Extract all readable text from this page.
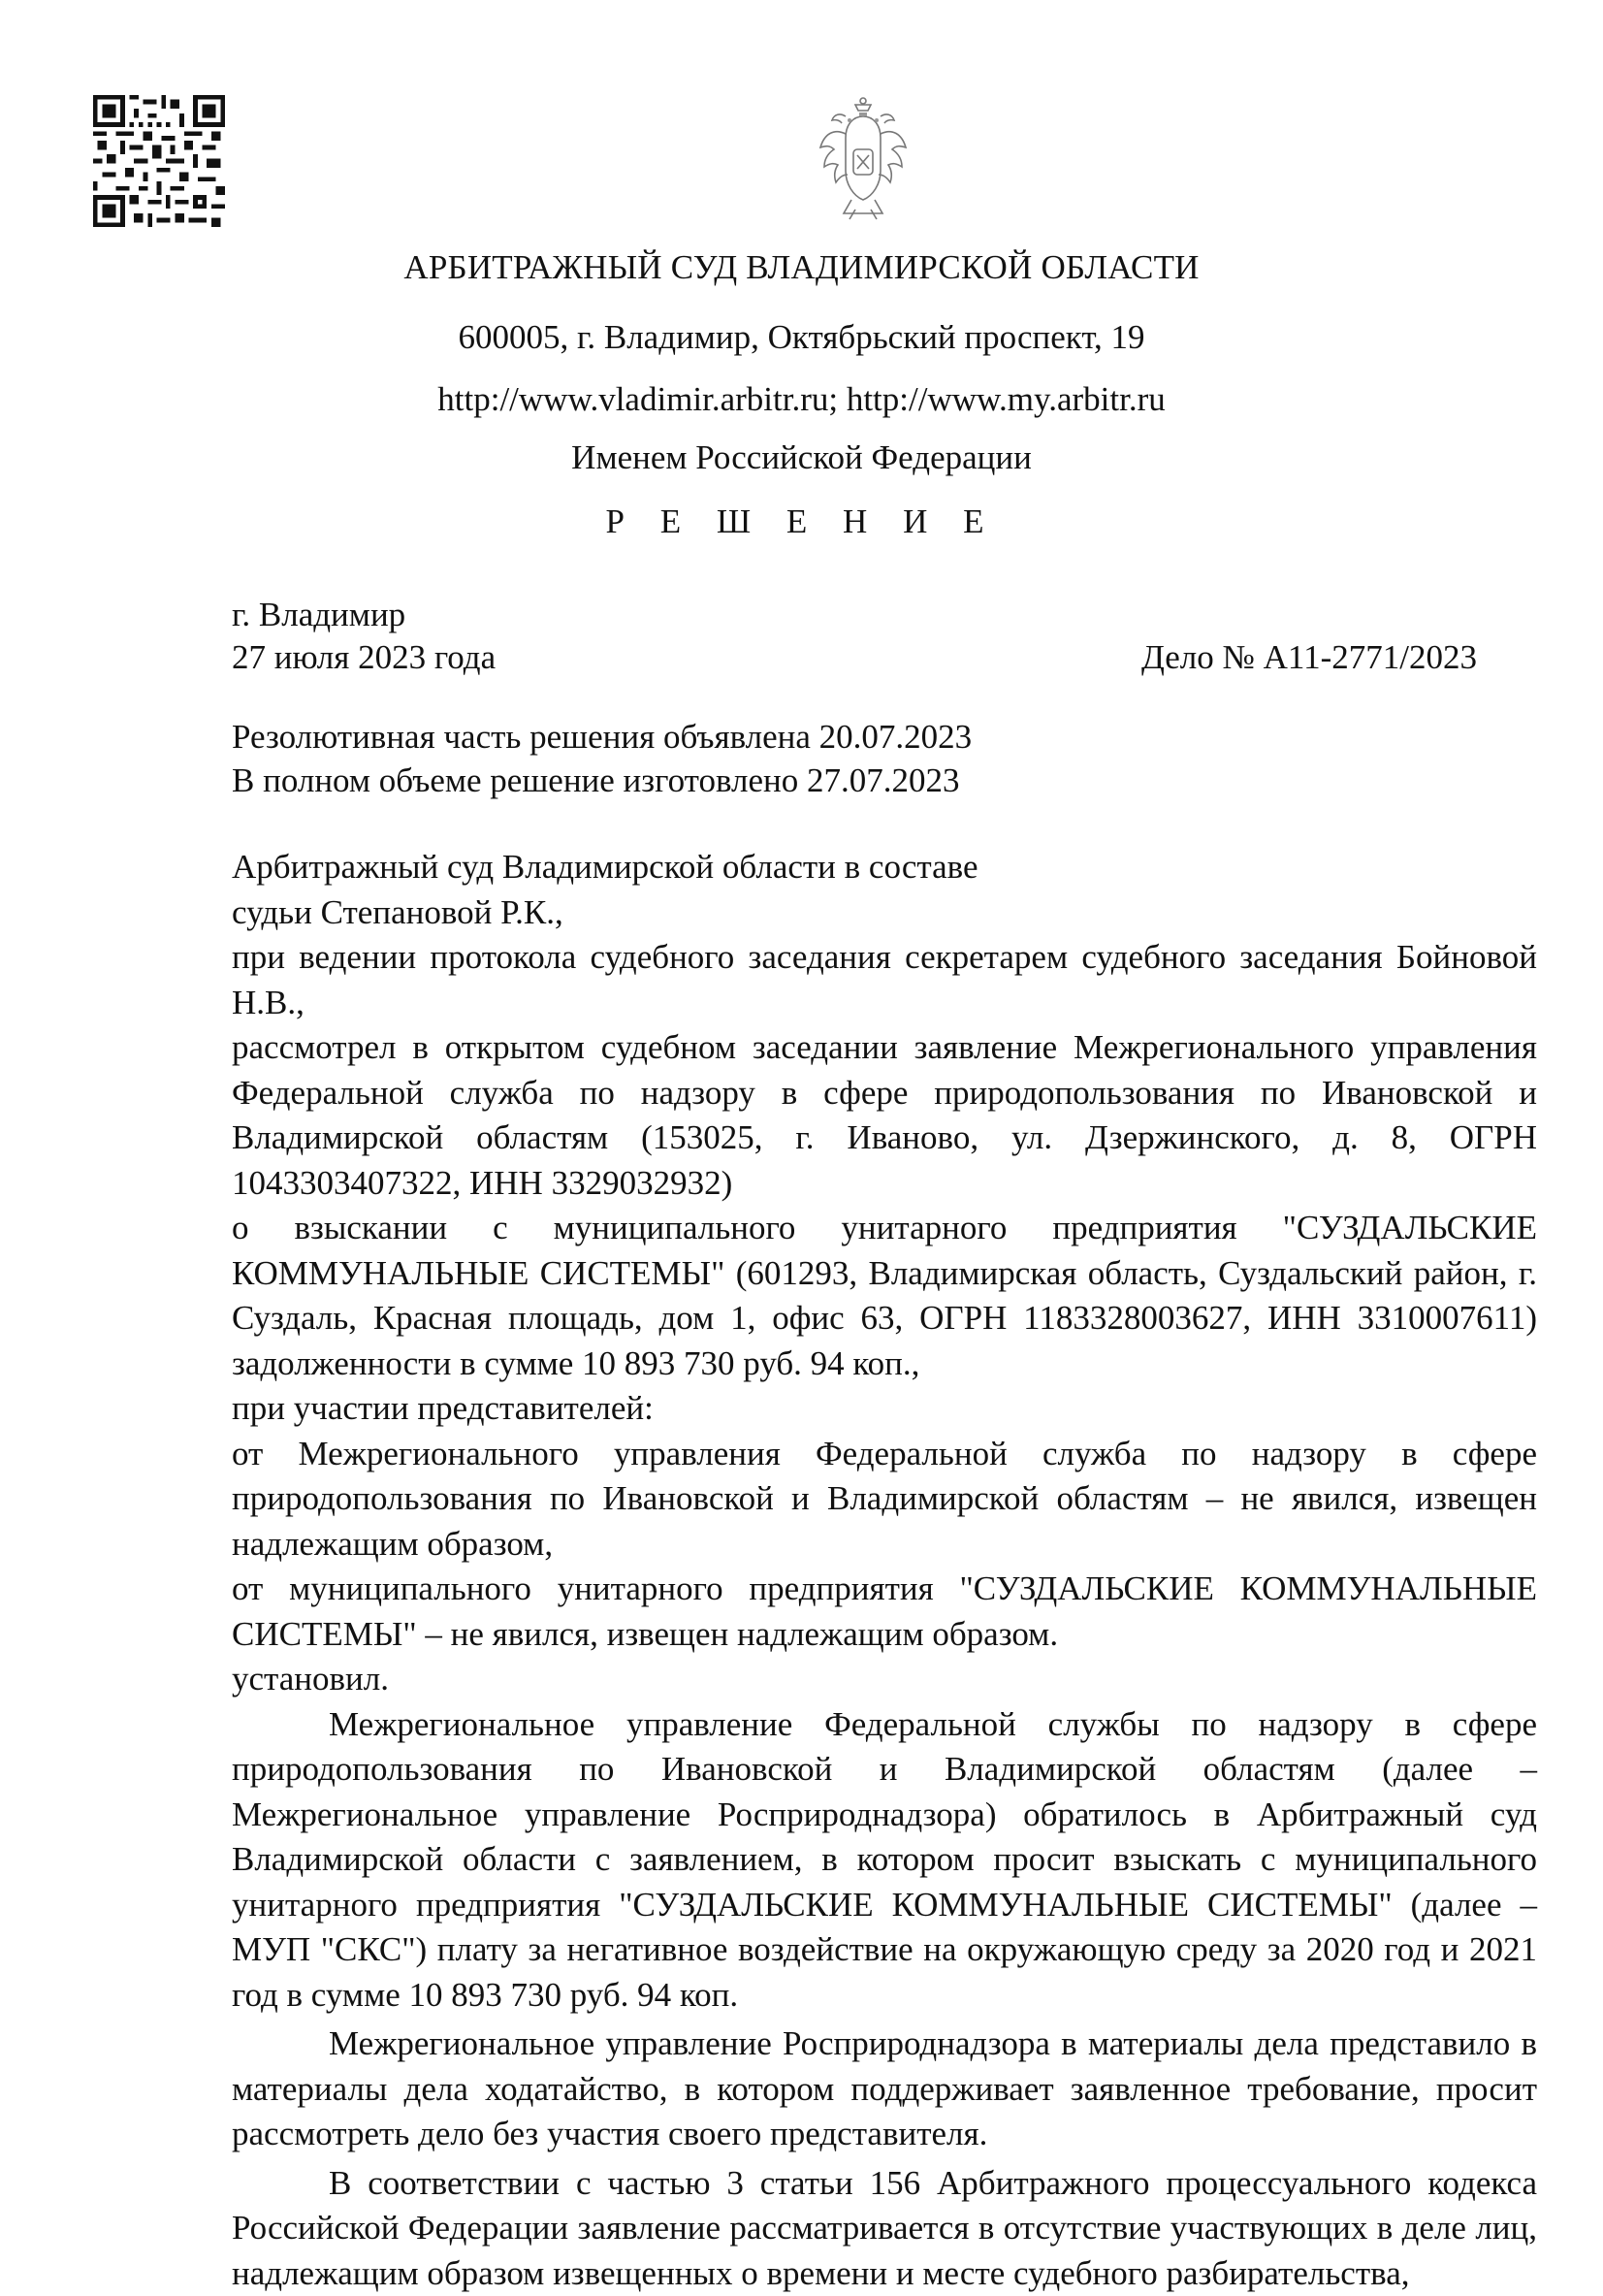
АРБИТРАЖНЫЙ СУД ВЛАДИМИРСКОЙ ОБЛАСТИ
600005, г. Владимир, Октябрьский проспект, 19
http://www.vladimir.arbitr.ru; http://www.my.arbitr.ru
Именем Российской Федерации
Р Е Ш Е Н И Е
г. Владимир
27 июля 2023 года	Дело № А11-2771/2023
Резолютивная часть решения объявлена 20.07.2023
В полном объеме решение изготовлено 27.07.2023

Арбитражный суд Владимирской области в составе

судьи Степановой Р.К.,

при ведении протокола судебного заседания секретарем судебного заседания Бойновой Н.В.,

рассмотрел в открытом судебном заседании заявление Межрегионального управления Федеральной служба по надзору в сфере природопользования по Ивановской и Владимирской областям (153025, г. Иваново, ул. Дзержинского, д. 8, ОГРН 1043303407322, ИНН 3329032932)

о взыскании с муниципального унитарного предприятия "СУЗДАЛЬСКИЕ КОММУНАЛЬНЫЕ СИСТЕМЫ" (601293, Владимирская область, Суздальский район, г. Суздаль, Красная площадь, дом 1, офис 63, ОГРН 1183328003627, ИНН 3310007611) задолженности в сумме 10 893 730 руб. 94 коп.,

при участии представителей:

от Межрегионального управления Федеральной служба по надзору в сфере природопользования по Ивановской и Владимирской областям – не явился, извещен надлежащим образом,

от муниципального унитарного предприятия "СУЗДАЛЬСКИЕ КОММУНАЛЬНЫЕ СИСТЕМЫ" – не явился, извещен надлежащим образом.

установил.

Межрегиональное управление Федеральной службы по надзору в сфере природопользования по Ивановской и Владимирской областям (далее – Межрегиональное управление Росприроднадзора) обратилось в Арбитражный суд Владимирской области с заявлением, в котором просит взыскать с муниципального унитарного предприятия "СУЗДАЛЬСКИЕ КОММУНАЛЬНЫЕ СИСТЕМЫ" (далее – МУП "СКС") плату за негативное воздействие на окружающую среду за 2020 год и 2021 год в сумме 10 893 730 руб. 94 коп.

Межрегиональное управление Росприроднадзора в материалы дела представило в материалы дела ходатайство, в котором поддерживает заявленное требование, просит рассмотреть дело без участия своего представителя.

В соответствии с частью 3 статьи 156 Арбитражного процессуального кодекса Российской Федерации заявление рассматривается в отсутствие участвующих в деле лиц, надлежащим образом извещенных о времени и месте судебного разбирательства,
